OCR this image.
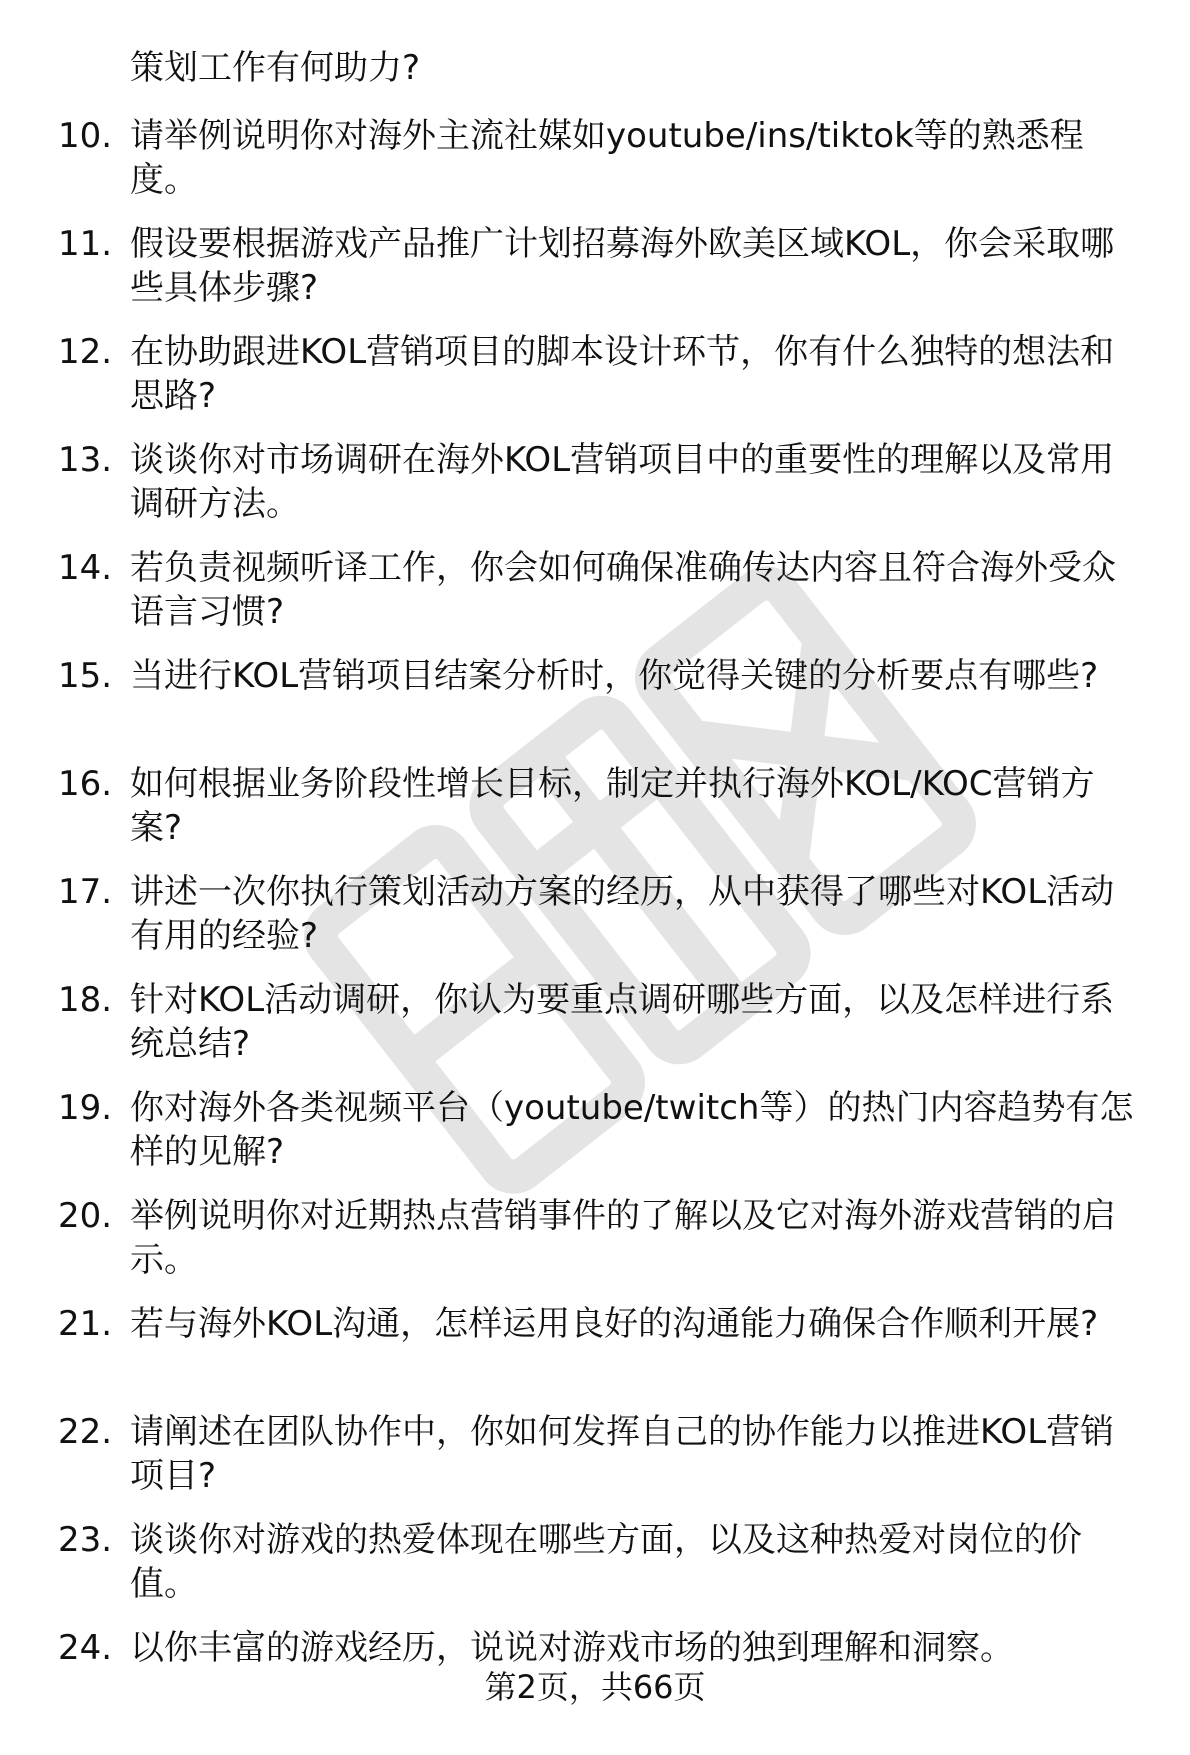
策划工作有何助力?
10. 请举例说明你对海外主流社媒如youtube/ins/tiktok等的熟悉程度。
11. 假设要根据游戏产品推广计划招募海外欧美区域KOL，你会采取哪些具体步骤?
12. 在协助跟进KOL营销项目的脚本设计环节，你有什么独特的想法和思路?
13. 谈谈你对市场调研在海外KOL营销项目中的重要性的理解以及常用调研方法。
14. 若负责视频听译工作，你会如何确保准确传达内容且符合海外受众语言习惯?
15. 当进行KOL营销项目结案分析时，你觉得关键的分析要点有哪些?
16. 如何根据业务阶段性增长目标，制定并执行海外KOL/KOC营销方案?
17. 讲述一次你执行策划活动方案的经历，从中获得了哪些对KOL活动有用的经验?
18. 针对KOL活动调研，你认为要重点调研哪些方面，以及怎样进行系统总结?
19. 你对海外各类视频平台（youtube/twitch等）的热门内容趋势有怎样的见解?
20. 举例说明你对近期热点营销事件的了解以及它对海外游戏营销的启示。
21. 若与海外KOL沟通，怎样运用良好的沟通能力确保合作顺利开展?
22. 请阐述在团队协作中，你如何发挥自己的协作能力以推进KOL营销项目?
23. 谈谈你对游戏的热爱体现在哪些方面，以及这种热爱对岗位的价值。
24. 以你丰富的游戏经历，说说对游戏市场的独到理解和洞察。
第2页，共66页
